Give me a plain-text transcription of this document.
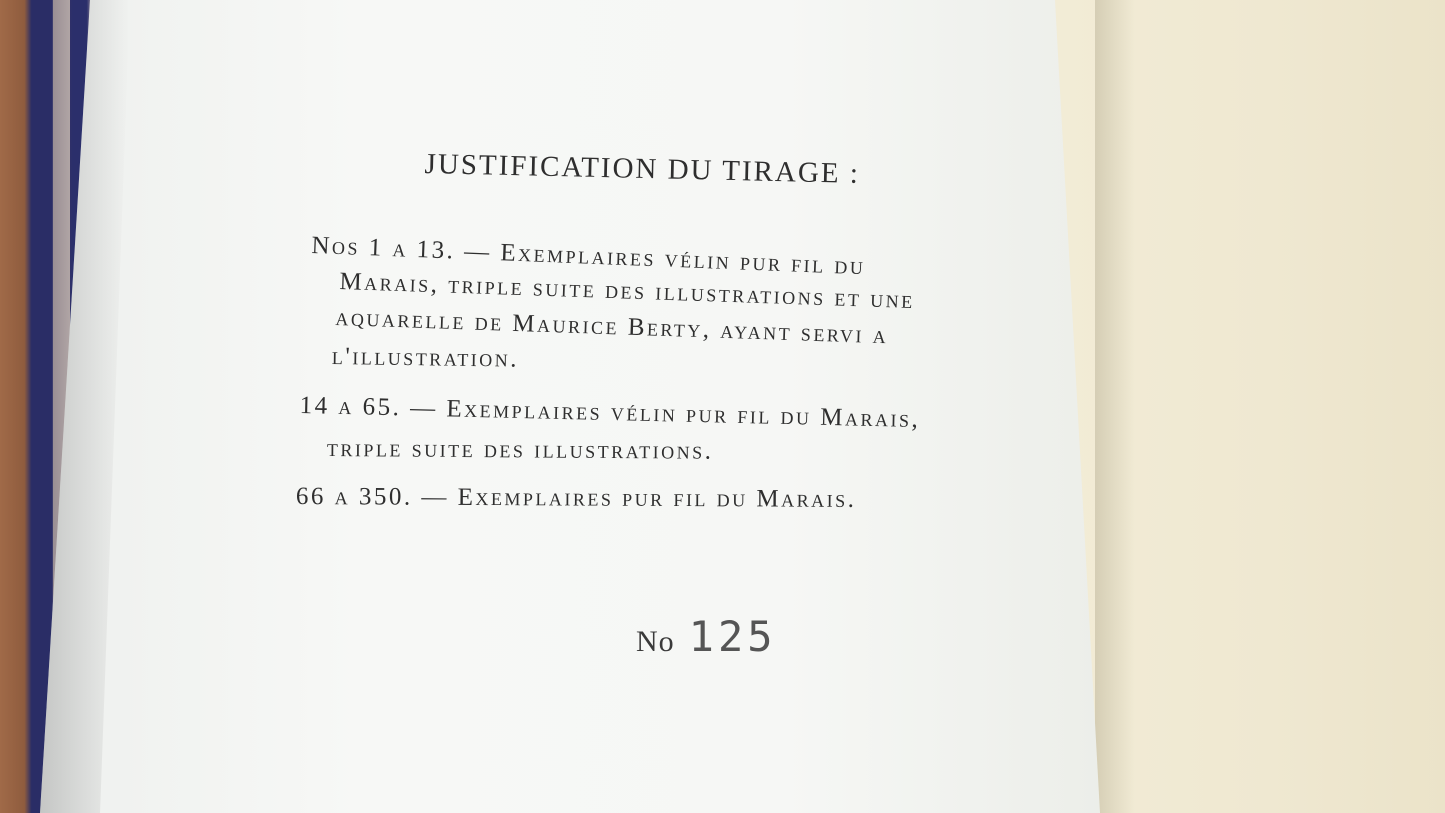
JUSTIFICATION DU TIRAGE :
Nos 1 a 13. — Exemplaires vélin pur fil du
Marais, triple suite des illustrations et une
aquarelle de Maurice Berty, ayant servi a
l'illustration.
14 a 65. — Exemplaires vélin pur fil du Marais,
triple suite des illustrations.
66 a 350. — Exemplaires pur fil du Marais.
No 125
